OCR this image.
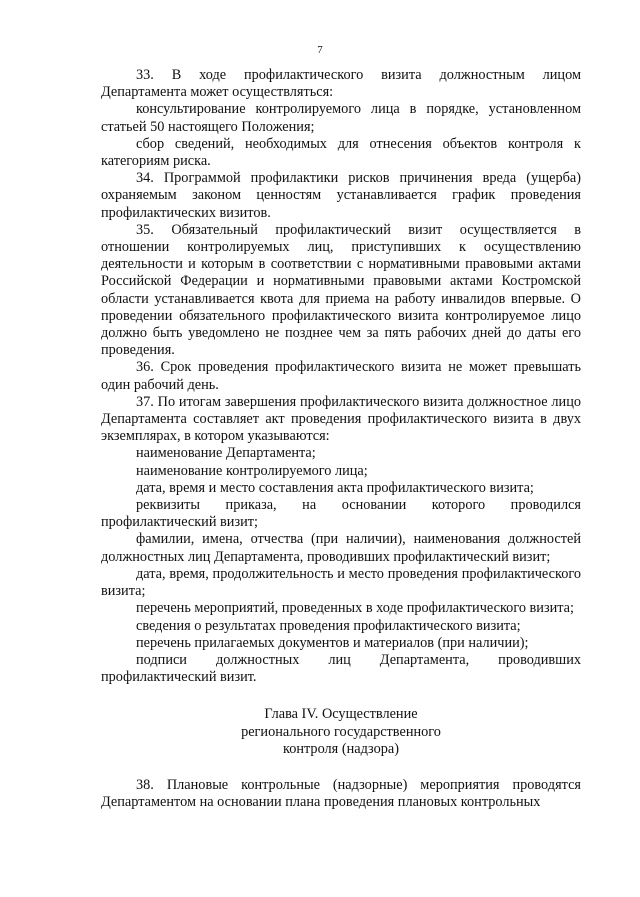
7

33. В ходе профилактического визита должностным лицом Департамента может осуществляться:

консультирование контролируемого лица в порядке, установленном статьей 50 настоящего Положения;

сбор сведений, необходимых для отнесения объектов контроля к категориям риска.

34. Программой профилактики рисков причинения вреда (ущерба) охраняемым законом ценностям устанавливается график проведения профилактических визитов.

35. Обязательный профилактический визит осуществляется в отношении контролируемых лиц, приступивших к осуществлению деятельности и которым в соответствии с нормативными правовыми актами Российской Федерации и нормативными правовыми актами Костромской области устанавливается квота для приема на работу инвалидов впервые. О проведении обязательного профилактического визита контролируемое лицо должно быть уведомлено не позднее чем за пять рабочих дней до даты его проведения.

36. Срок проведения профилактического визита не может превышать один рабочий день.

37. По итогам завершения профилактического визита должностное лицо Департамента составляет акт проведения профилактического визита в двух экземплярах, в котором указываются:

наименование Департамента;

наименование контролируемого лица;

дата, время и место составления акта профилактического визита;

реквизиты приказа, на основании которого проводился профилактический визит;

фамилии, имена, отчества (при наличии), наименования должностей должностных лиц Департамента, проводивших профилактический визит;

дата, время, продолжительность и место проведения профилактического визита;

перечень мероприятий, проведенных в ходе профилактического визита;

сведения о результатах проведения профилактического визита;

перечень прилагаемых документов и материалов (при наличии);

подписи должностных лиц Департамента, проводивших профилактический визит.

Глава IV. Осуществление
регионального государственного
контроля (надзора)

38. Плановые контрольные (надзорные) мероприятия проводятся Департаментом на основании плана проведения плановых контрольных
